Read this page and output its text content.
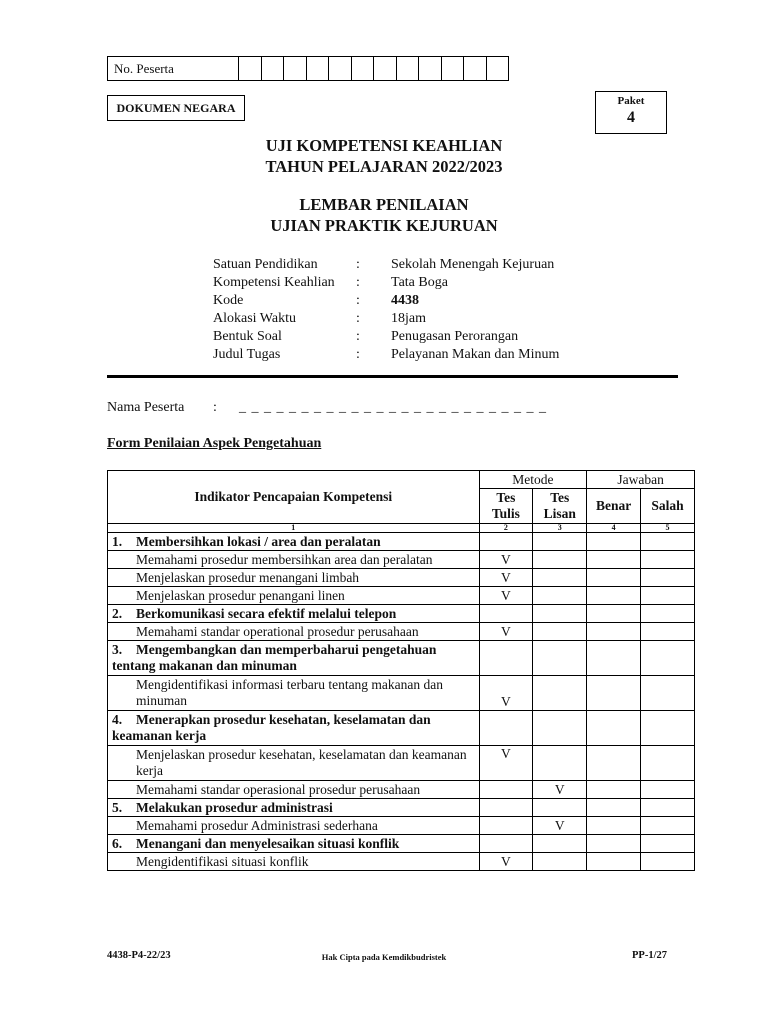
No. Peserta
DOKUMEN NEGARA	Paket
4
UJI KOMPETENSI KEAHLIAN
TAHUN PELAJARAN 2022/2023
LEMBAR PENILAIAN
UJIAN PRAKTIK KEJURUAN
Satuan Pendidikan	:	Sekolah Menengah Kejuruan
Kompetensi Keahlian	:	Tata Boga
Kode	:	4438
Alokasi Waktu	:	18jam
Bentuk Soal	:	Penugasan Perorangan
Judul Tugas	:	Pelayanan Makan dan Minum
Nama Peserta	:	_ _ _ _ _ _ _ _ _ _ _ _ _ _ _ _ _ _ _ _ _ _ _ _ _
Form Penilaian Aspek Pengetahuan
Indikator Pencapaian Kompetensi	Metode		Jawaban	
	Tes Tulis	Tes Lisan	Benar	Salah
1	2	3	4	5
1. Membersihkan lokasi / area dan peralatan				
Memahami prosedur membersihkan area dan peralatan	V			
Menjelaskan prosedur menangani limbah	V			
Menjelaskan prosedur penangani linen	V			
2. Berkomunikasi secara efektif melalui telepon				
Memahami standar operational prosedur perusahaan	V			
3. Mengembangkan dan memperbaharui pengetahuan tentang makanan dan minuman				
Mengidentifikasi informasi terbaru tentang makanan dan minuman	V			
4. Menerapkan prosedur kesehatan, keselamatan dan keamanan kerja				
Menjelaskan prosedur kesehatan, keselamatan dan keamanan kerja	V			
Memahami standar operasional prosedur perusahaan		V		
5. Melakukan prosedur administrasi				
Memahami prosedur Administrasi sederhana		V		
6. Menangani dan menyelesaikan situasi konflik				
Mengidentifikasi situasi konflik	V			
4438-P4-22/23	Hak Cipta pada Kemdikbudristek	PP-1/27
